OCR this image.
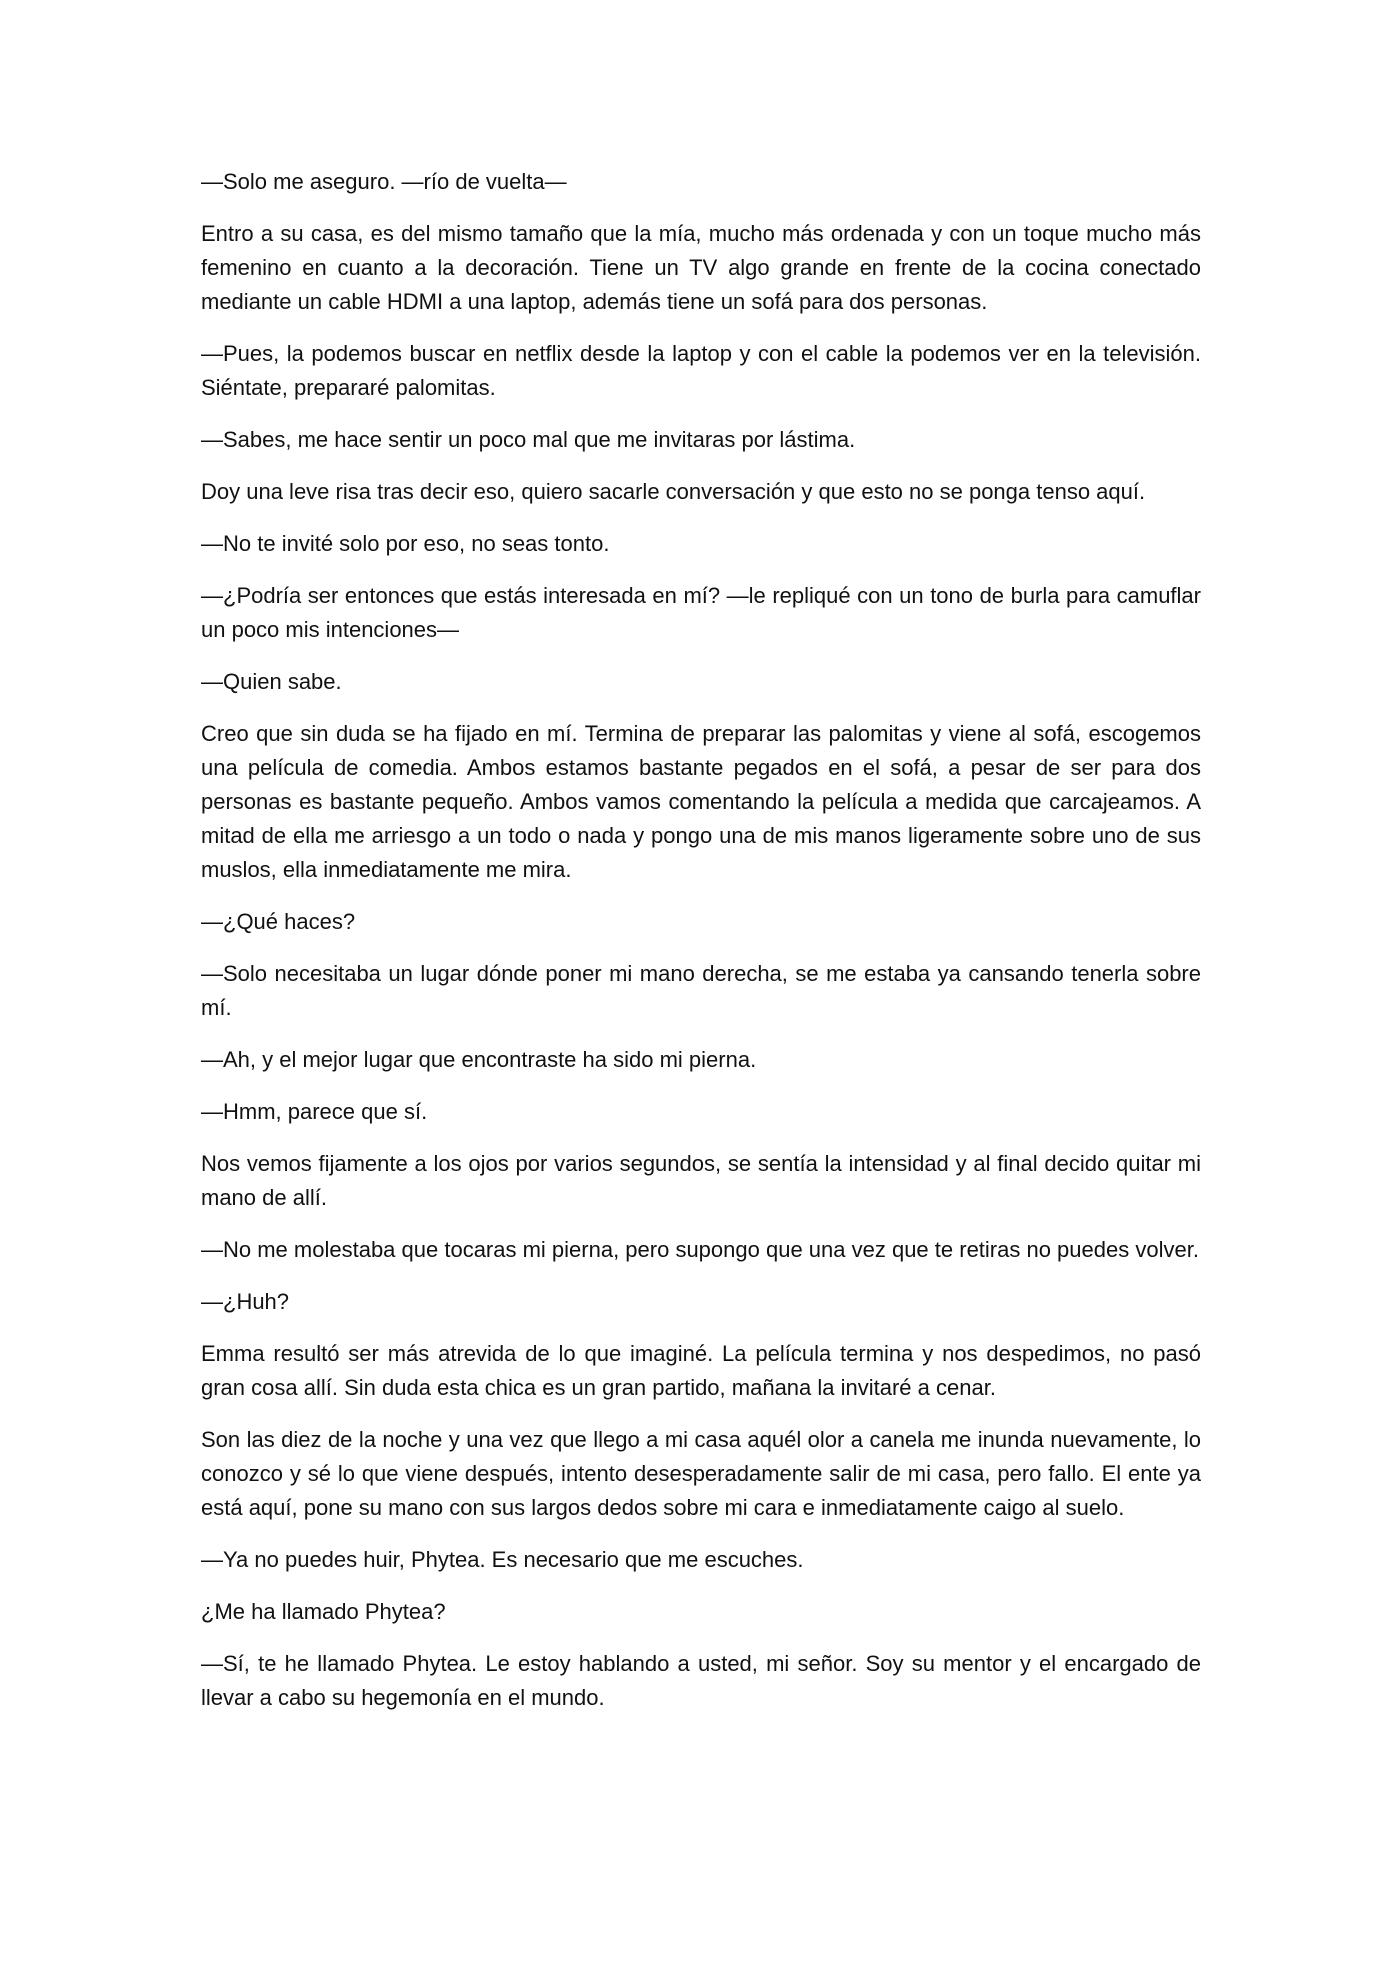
—Solo me aseguro. —río de vuelta—

Entro a su casa, es del mismo tamaño que la mía, mucho más ordenada y con un toque mucho más femenino en cuanto a la decoración. Tiene un TV algo grande en frente de la cocina conectado mediante un cable HDMI a una laptop, además tiene un sofá para dos personas.

—Pues, la podemos buscar en netflix desde la laptop y con el cable la podemos ver en la televisión. Siéntate, prepararé palomitas.

—Sabes, me hace sentir un poco mal que me invitaras por lástima.

Doy una leve risa tras decir eso, quiero sacarle conversación y que esto no se ponga tenso aquí.

—No te invité solo por eso, no seas tonto.

—¿Podría ser entonces que estás interesada en mí? —le repliqué con un tono de burla para camuflar un poco mis intenciones—

—Quien sabe.

Creo que sin duda se ha fijado en mí. Termina de preparar las palomitas y viene al sofá, escogemos una película de comedia. Ambos estamos bastante pegados en el sofá, a pesar de ser para dos personas es bastante pequeño. Ambos vamos comentando la película a medida que carcajeamos. A mitad de ella me arriesgo a un todo o nada y pongo una de mis manos ligeramente sobre uno de sus muslos, ella inmediatamente me mira.

—¿Qué haces?

—Solo necesitaba un lugar dónde poner mi mano derecha, se me estaba ya cansando tenerla sobre mí.

—Ah, y el mejor lugar que encontraste ha sido mi pierna.

—Hmm, parece que sí.

Nos vemos fijamente a los ojos por varios segundos, se sentía la intensidad y al final decido quitar mi mano de allí.

—No me molestaba que tocaras mi pierna, pero supongo que una vez que te retiras no puedes volver.

—¿Huh?

Emma resultó ser más atrevida de lo que imaginé. La película termina y nos despedimos, no pasó gran cosa allí. Sin duda esta chica es un gran partido, mañana la invitaré a cenar.

Son las diez de la noche y una vez que llego a mi casa aquél olor a canela me inunda nuevamente, lo conozco y sé lo que viene después, intento desesperadamente salir de mi casa, pero fallo. El ente ya está aquí, pone su mano con sus largos dedos sobre mi cara e inmediatamente caigo al suelo.

—Ya no puedes huir, Phytea. Es necesario que me escuches.

¿Me ha llamado Phytea?

—Sí, te he llamado Phytea. Le estoy hablando a usted, mi señor. Soy su mentor y el encargado de llevar a cabo su hegemonía en el mundo.
